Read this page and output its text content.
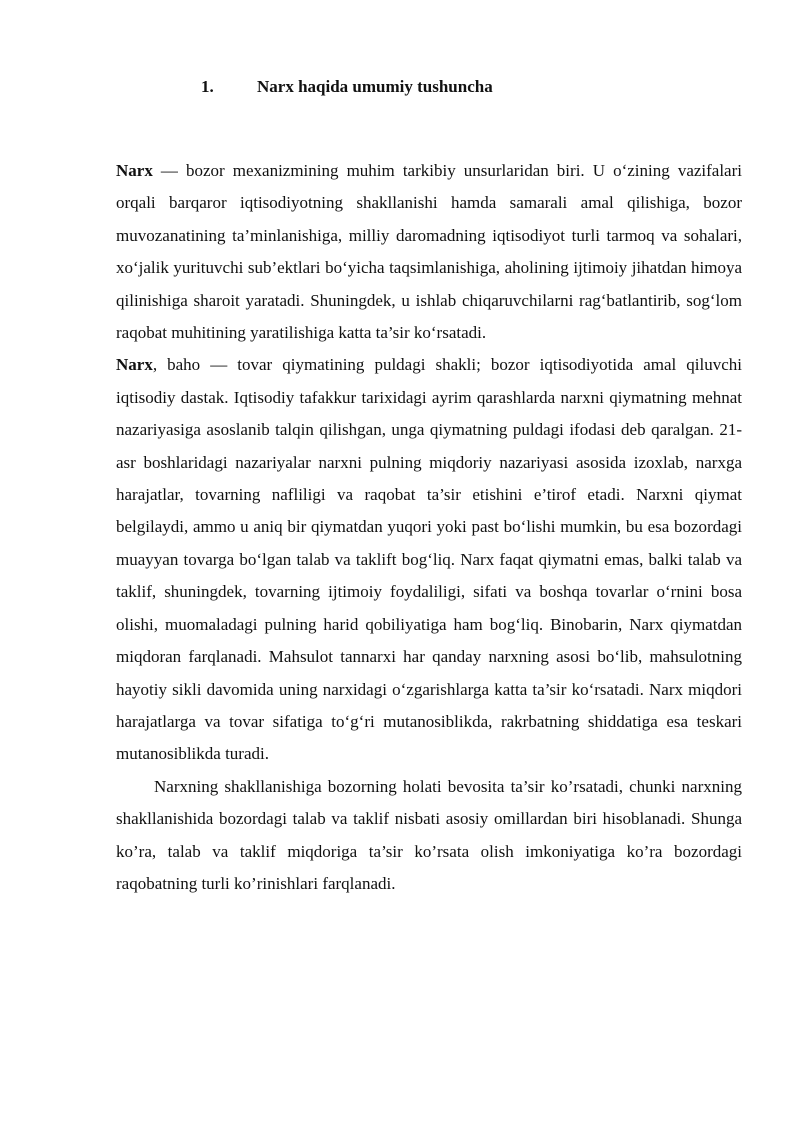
1.	Narx haqida umumiy tushuncha

Narx — bozor mexanizmining muhim tarkibiy unsurlaridan biri. U o‘zining vazifalari orqali barqaror iqtisodiyotning shakllanishi hamda samarali amal qilishiga, bozor muvozanatining ta’minlanishiga, milliy daromadning iqtisodiyot turli tarmoq va sohalari, xo‘jalik yurituvchi sub’ektlari bo‘yicha taqsimlanishiga, aholining ijtimoiy jihatdan himoya qilinishiga sharoit yaratadi. Shuningdek, u ishlab chiqaruvchilarni rag‘batlantirib, sog‘lom raqobat muhitining yaratilishiga katta ta’sir ko‘rsatadi.

Narx, baho — tovar qiymatining puldagi shakli; bozor iqtisodiyotida amal qiluvchi iqtisodiy dastak. Iqtisodiy tafakkur tarixidagi ayrim qarashlarda narxni qiymatning mehnat nazariyasiga asoslanib talqin qilishgan, unga qiymatning puldagi ifodasi deb qaralgan. 21-asr boshlaridagi nazariyalar narxni pulning miqdoriy nazariyasi asosida izoxlab, narxga harajatlar, tovarning nafliligi va raqobat ta’sir etishini e’tirof etadi. Narxni qiymat belgilaydi, ammo u aniq bir qiymatdan yuqori yoki past bo‘lishi mumkin, bu esa bozordagi muayyan tovarga bo‘lgan talab va taklift bog‘liq. Narx faqat qiymatni emas, balki talab va taklif, shuningdek, tovarning ijtimoiy foydaliligi, sifati va boshqa tovarlar o‘rnini bosa olishi, muomaladagi pulning harid qobiliyatiga ham bog‘liq. Binobarin, Narx qiymatdan miqdoran farqlanadi. Mahsulot tannarxi har qanday narxning asosi bo‘lib, mahsulotning hayotiy sikli davomida uning narxidagi o‘zgarishlarga katta ta’sir ko‘rsatadi. Narx miqdori harajatlarga va tovar sifatiga to‘g‘ri mutanosiblikda, rakrbatning shiddatiga esa teskari mutanosiblikda turadi.

Narxning shakllanishiga bozorning holati bevosita ta’sir ko’rsatadi, chunki narxning shakllanishida bozordagi talab va taklif nisbati asosiy omillardan biri hisoblanadi. Shunga ko’ra, talab va taklif miqdoriga ta’sir ko’rsata olish imkoniyatiga ko’ra bozordagi raqobatning turli ko’rinishlari farqlanadi.
